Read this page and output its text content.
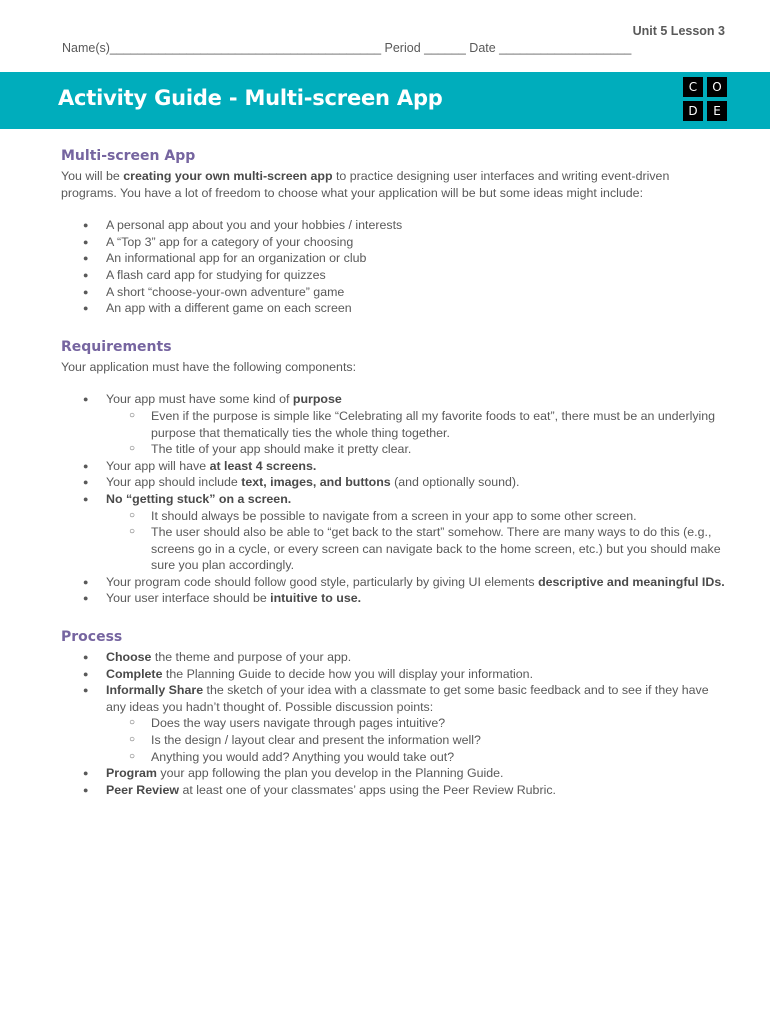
Unit 5 Lesson 3
Name(s)_______________________________________ Period ______ Date ___________________
Activity Guide - Multi-screen App	C	O
D	E
Multi-screen App

You will be creating your own multi-screen app to practice designing user interfaces and writing event-driven programs. You have a lot of freedom to choose what your application will be but some ideas might include:

● A personal app about you and your hobbies / interests
● A “Top 3” app for a category of your choosing
● An informational app for an organization or club
● A flash card app for studying for quizzes
● A short “choose-your-own adventure” game
● An app with a different game on each screen
Requirements

Your application must have the following components:

● Your app must have some kind of purpose
○ Even if the purpose is simple like “Celebrating all my favorite foods to eat”, there must be an underlying purpose that thematically ties the whole thing together.
○ The title of your app should make it pretty clear.
● Your app will have at least 4 screens.
● Your app should include text, images, and buttons (and optionally sound).
● No “getting stuck” on a screen.
○ It should always be possible to navigate from a screen in your app to some other screen.
○ The user should also be able to “get back to the start” somehow. There are many ways to do this (e.g., screens go in a cycle, or every screen can navigate back to the home screen, etc.) but you should make sure you plan accordingly.
● Your program code should follow good style, particularly by giving UI elements descriptive and meaningful IDs.
● Your user interface should be intuitive to use.
Process
● Choose the theme and purpose of your app.
● Complete the Planning Guide to decide how you will display your information.
● Informally Share the sketch of your idea with a classmate to get some basic feedback and to see if they have any ideas you hadn’t thought of. Possible discussion points:
○ Does the way users navigate through pages intuitive?
○ Is the design / layout clear and present the information well?
○ Anything you would add? Anything you would take out?
● Program your app following the plan you develop in the Planning Guide.
● Peer Review at least one of your classmates’ apps using the Peer Review Rubric.
